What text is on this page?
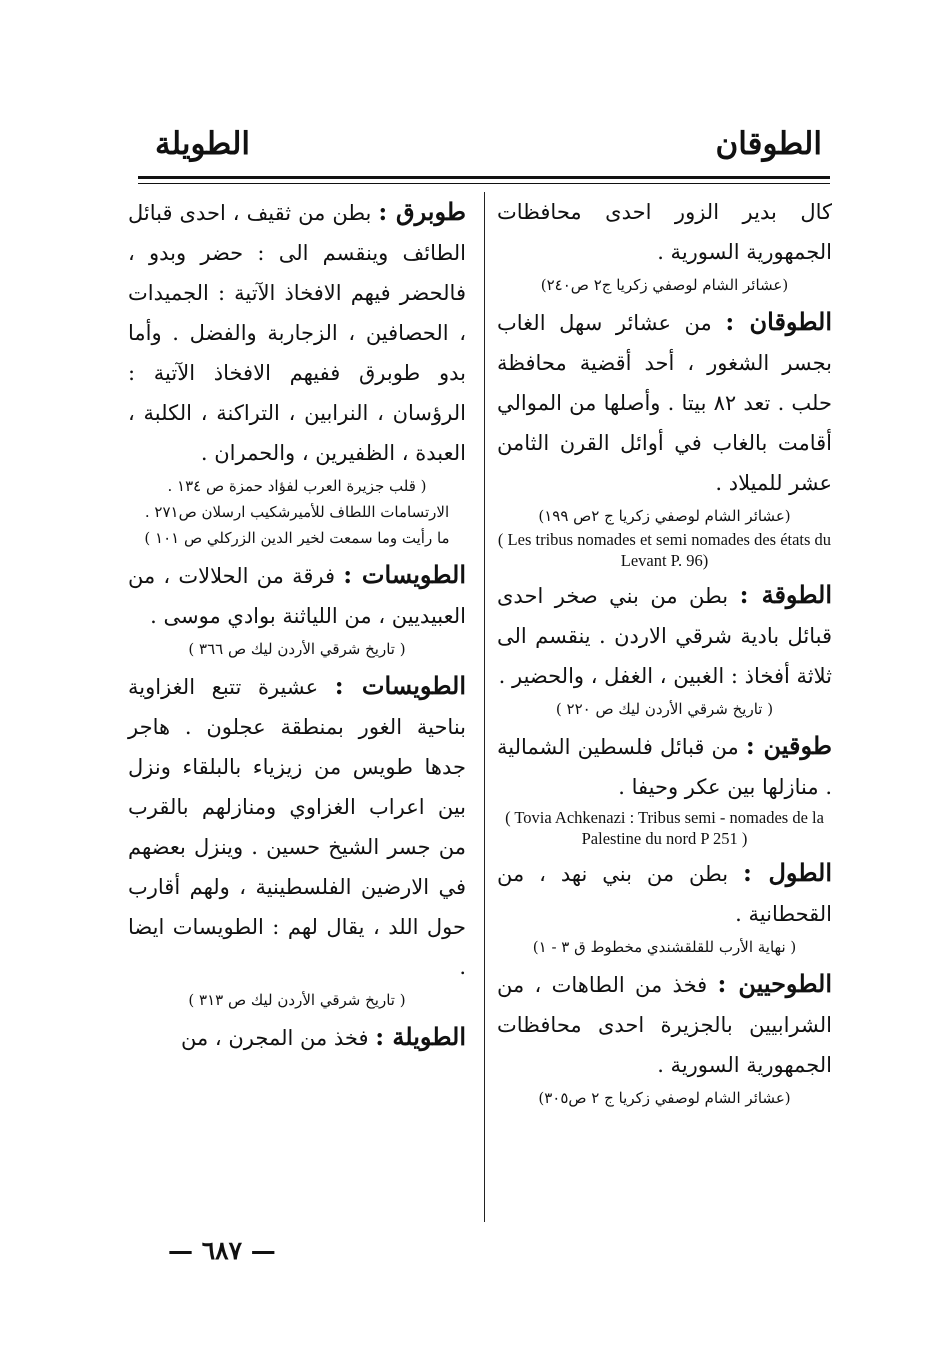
الطوقان
الطويلة

كال بدير الزور احدى محافظات الجمهورية السورية .

(عشائر الشام لوصفي زكريا ج٢ ص٢٤٠)

الطوقان : من عشائر سهل الغاب بجسر الشغور ، أحد أقضية محافظة حلب . تعد ٨٢ بيتا . وأصلها من الموالي أقامت بالغاب في أوائل القرن الثامن عشر للميلاد .

(عشائر الشام لوصفي زكريا ج ٢ص ١٩٩)

( Les tribus nomades et semi nomades des états du Levant P. 96)

الطوقة : بطن من بني صخر احدى قبائل بادية شرقي الاردن . ينقسم الى ثلاثة أفخاذ : الغبين ، الغفل ، والحضير .

( تاريخ شرقي الأردن ليك ص ٢٢٠ )

طوقين : من قبائل فلسطين الشمالية . منازلها بين عكر وحيفا .

( Tovia Achkenazi : Tribus semi - nomades de la Palestine du nord P 251 )

الطول : بطن من بني نهد ، من القحطانية .

( نهاية الأرب للقلقشندي مخطوط ق ٣ - ١)

الطوحيين : فخذ من الطاهات ، من الشرابيين بالجزيرة احدى محافظات الجمهورية السورية .

(عشائر الشام لوصفي زكريا ج ٢ ص٣٠٥)

طوبرق : بطن من ثقيف ، احدى قبائل الطائف وينقسم الى : حضر وبدو ، فالحضر فيهم الافخاذ الآتية : الجميدات ، الحصافين ، الزجاربة والفضل . وأما بدو طوبرق ففيهم الافخاذ الآتية : الرؤسان ، النرابين ، التراكنة ، الكلبة ، العبدة ، الظفيرين ، والحمران .

( قلب جزيرة العرب لفؤاد حمزة ص ١٣٤ .

الارتسامات اللطاف للأميرشكيب ارسلان ص٢٧١ .

ما رأيت وما سمعت لخير الدين الزركلي ص ١٠١ )

الطويسات : فرقة من الحلالات ، من العبيديين ، من اللياثنة بوادي موسى .

( تاريخ شرقي الأردن ليك ص ٣٦٦ )

الطويسات : عشيرة تتبع الغزاوية بناحية الغور بمنطقة عجلون . هاجر جدها طويس من زيزياء بالبلقاء ونزل بين اعراب الغزاوي ومنازلهم بالقرب من جسر الشيخ حسين . وينزل بعضهم في الارضين الفلسطينية ، ولهم أقارب حول اللد ، يقال لهم : الطويسات ايضا .

( تاريخ شرقي الأردن ليك ص ٣١٣ )

الطويلة : فخذ من المجرن ، من

— ٦٨٧ —
